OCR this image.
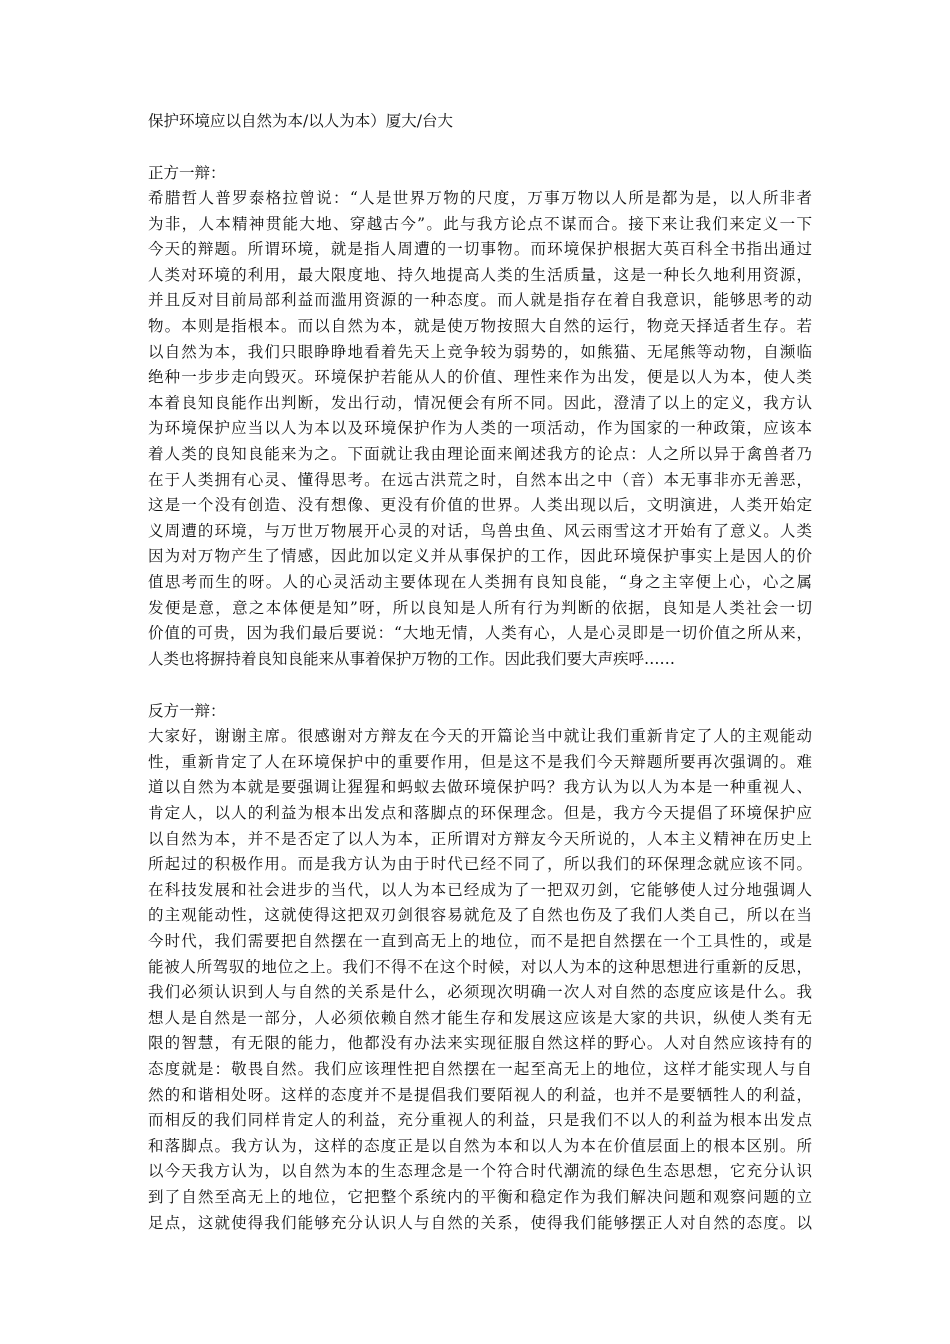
保护环境应以自然为本/以人为本）厦大/台大
正方一辩：
希腊哲人普罗泰格拉曾说：“人是世界万物的尺度，万事万物以人所是都为是，以人所非者
为非，人本精神贯能大地、穿越古今”。此与我方论点不谋而合。接下来让我们来定义一下
今天的辩题。所谓环境，就是指人周遭的一切事物。而环境保护根据大英百科全书指出通过
人类对环境的利用，最大限度地、持久地提高人类的生活质量，这是一种长久地利用资源，
并且反对目前局部利益而滥用资源的一种态度。而人就是指存在着自我意识，能够思考的动
物。本则是指根本。而以自然为本，就是使万物按照大自然的运行，物竞天择适者生存。若
以自然为本，我们只眼睁睁地看着先天上竞争较为弱势的，如熊猫、无尾熊等动物，自濒临
绝种一步步走向毁灭。环境保护若能从人的价值、理性来作为出发，便是以人为本，使人类
本着良知良能作出判断，发出行动，情况便会有所不同。因此，澄清了以上的定义，我方认
为环境保护应当以人为本以及环境保护作为人类的一项活动，作为国家的一种政策，应该本
着人类的良知良能来为之。下面就让我由理论面来阐述我方的论点：人之所以异于禽兽者乃
在于人类拥有心灵、懂得思考。在远古洪荒之时，自然本出之中（音）本无事非亦无善恶，
这是一个没有创造、没有想像、更没有价值的世界。人类出现以后，文明演进，人类开始定
义周遭的环境，与万世万物展开心灵的对话，鸟兽虫鱼、风云雨雪这才开始有了意义。人类
因为对万物产生了情感，因此加以定义并从事保护的工作，因此环境保护事实上是因人的价
值思考而生的呀。人的心灵活动主要体现在人类拥有良知良能，“身之主宰便上心，心之属
发便是意，意之本体便是知”呀，所以良知是人所有行为判断的依据，良知是人类社会一切
价值的可贵，因为我们最后要说：“大地无情，人类有心，人是心灵即是一切价值之所从来，
人类也将摒持着良知良能来从事着保护万物的工作。因此我们要大声疾呼……
反方一辩：
大家好，谢谢主席。很感谢对方辩友在今天的开篇论当中就让我们重新肯定了人的主观能动
性，重新肯定了人在环境保护中的重要作用，但是这不是我们今天辩题所要再次强调的。难
道以自然为本就是要强调让猩猩和蚂蚁去做环境保护吗？我方认为以人为本是一种重视人、
肯定人，以人的利益为根本出发点和落脚点的环保理念。但是，我方今天提倡了环境保护应
以自然为本，并不是否定了以人为本，正所谓对方辩友今天所说的，人本主义精神在历史上
所起过的积极作用。而是我方认为由于时代已经不同了，所以我们的环保理念就应该不同。
在科技发展和社会进步的当代，以人为本已经成为了一把双刃剑，它能够使人过分地强调人
的主观能动性，这就使得这把双刃剑很容易就危及了自然也伤及了我们人类自己，所以在当
今时代，我们需要把自然摆在一直到高无上的地位，而不是把自然摆在一个工具性的，或是
能被人所驾驭的地位之上。我们不得不在这个时候，对以人为本的这种思想进行重新的反思，
我们必须认识到人与自然的关系是什么，必须现次明确一次人对自然的态度应该是什么。我
想人是自然是一部分，人必须依赖自然才能生存和发展这应该是大家的共识，纵使人类有无
限的智慧，有无限的能力，他都没有办法来实现征服自然这样的野心。人对自然应该持有的
态度就是：敬畏自然。我们应该理性把自然摆在一起至高无上的地位，这样才能实现人与自
然的和谐相处呀。这样的态度并不是提倡我们要陌视人的利益，也并不是要牺牲人的利益，
而相反的我们同样肯定人的利益，充分重视人的利益，只是我们不以人的利益为根本出发点
和落脚点。我方认为，这样的态度正是以自然为本和以人为本在价值层面上的根本区别。所
以今天我方认为，以自然为本的生态理念是一个符合时代潮流的绿色生态思想，它充分认识
到了自然至高无上的地位，它把整个系统内的平衡和稳定作为我们解决问题和观察问题的立
足点，这就使得我们能够充分认识人与自然的关系，使得我们能够摆正人对自然的态度。以
